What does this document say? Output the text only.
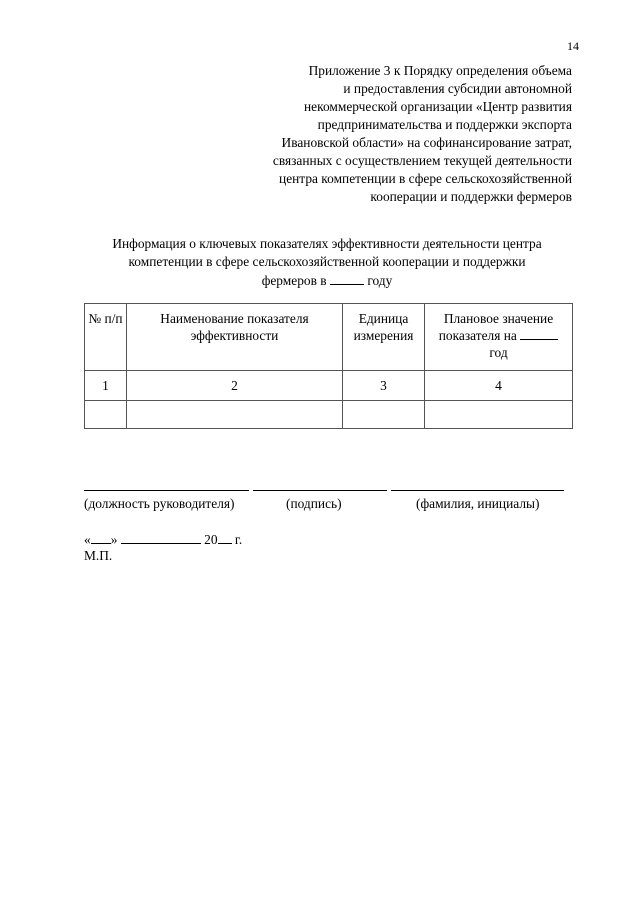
14
Приложение 3 к Порядку определения объема
и предоставления субсидии автономной
некоммерческой организации «Центр развития
предпринимательства и поддержки экспорта
Ивановской области» на софинансирование затрат,
связанных с осуществлением текущей деятельности
центра компетенции в сфере сельскохозяйственной
кооперации и поддержки фермеров
Информация о ключевых показателях эффективности деятельности центра
компетенции в сфере сельскохозяйственной кооперации и поддержки
фермеров в	году
№ п/п	Наименование показателя эффективности	Единица измерения	Плановое значение показателя на
год
1	2	3	4

(должность руководителя)	(подпись)	(фамилия, инициалы)
« »	20 г.
М.П.
